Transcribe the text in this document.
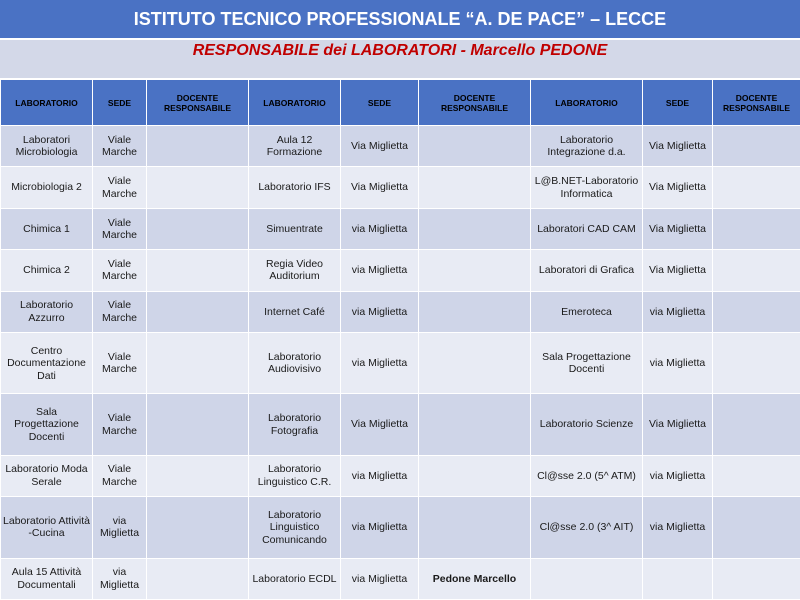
ISTITUTO TECNICO PROFESSIONALE “A. DE PACE” – LECCE
RESPONSABILE dei LABORATORI - Marcello PEDONE
LABORATORIO	SEDE	DOCENTE RESPONSABILE	LABORATORIO	SEDE	DOCENTE RESPONSABILE	LABORATORIO	SEDE	DOCENTE RESPONSABILE
Laboratori Microbiologia	Viale Marche		Aula 12 Formazione	Via Miglietta		Laboratorio Integrazione d.a.	Via Miglietta	
Microbiologia 2	Viale Marche		Laboratorio IFS	Via Miglietta		L@B.NET-Laboratorio Informatica	Via Miglietta	
Chimica 1	Viale Marche		Simuentrate	via Miglietta		Laboratori CAD CAM	Via Miglietta	
Chimica 2	Viale Marche		Regia Video Auditorium	via Miglietta		Laboratori di Grafica	Via Miglietta	
Laboratorio Azzurro	Viale Marche		Internet Café	via Miglietta		Emeroteca	via Miglietta	
Centro Documentazione Dati	Viale Marche		Laboratorio Audiovisivo	via Miglietta		Sala Progettazione Docenti	via Miglietta	
Sala Progettazione Docenti	Viale Marche		Laboratorio Fotografia	Via Miglietta		Laboratorio Scienze	Via Miglietta	
Laboratorio Moda Serale	Viale Marche		Laboratorio Linguistico C.R.	via Miglietta		Cl@sse 2.0 (5^ ATM)	via Miglietta	
Laboratorio Attività -Cucina	via Miglietta		Laboratorio Linguistico Comunicando	via Miglietta		Cl@sse 2.0 (3^ AIT)	via Miglietta	
Aula 15 Attività Documentali	via Miglietta		Laboratorio ECDL	via Miglietta	Pedone Marcello			
